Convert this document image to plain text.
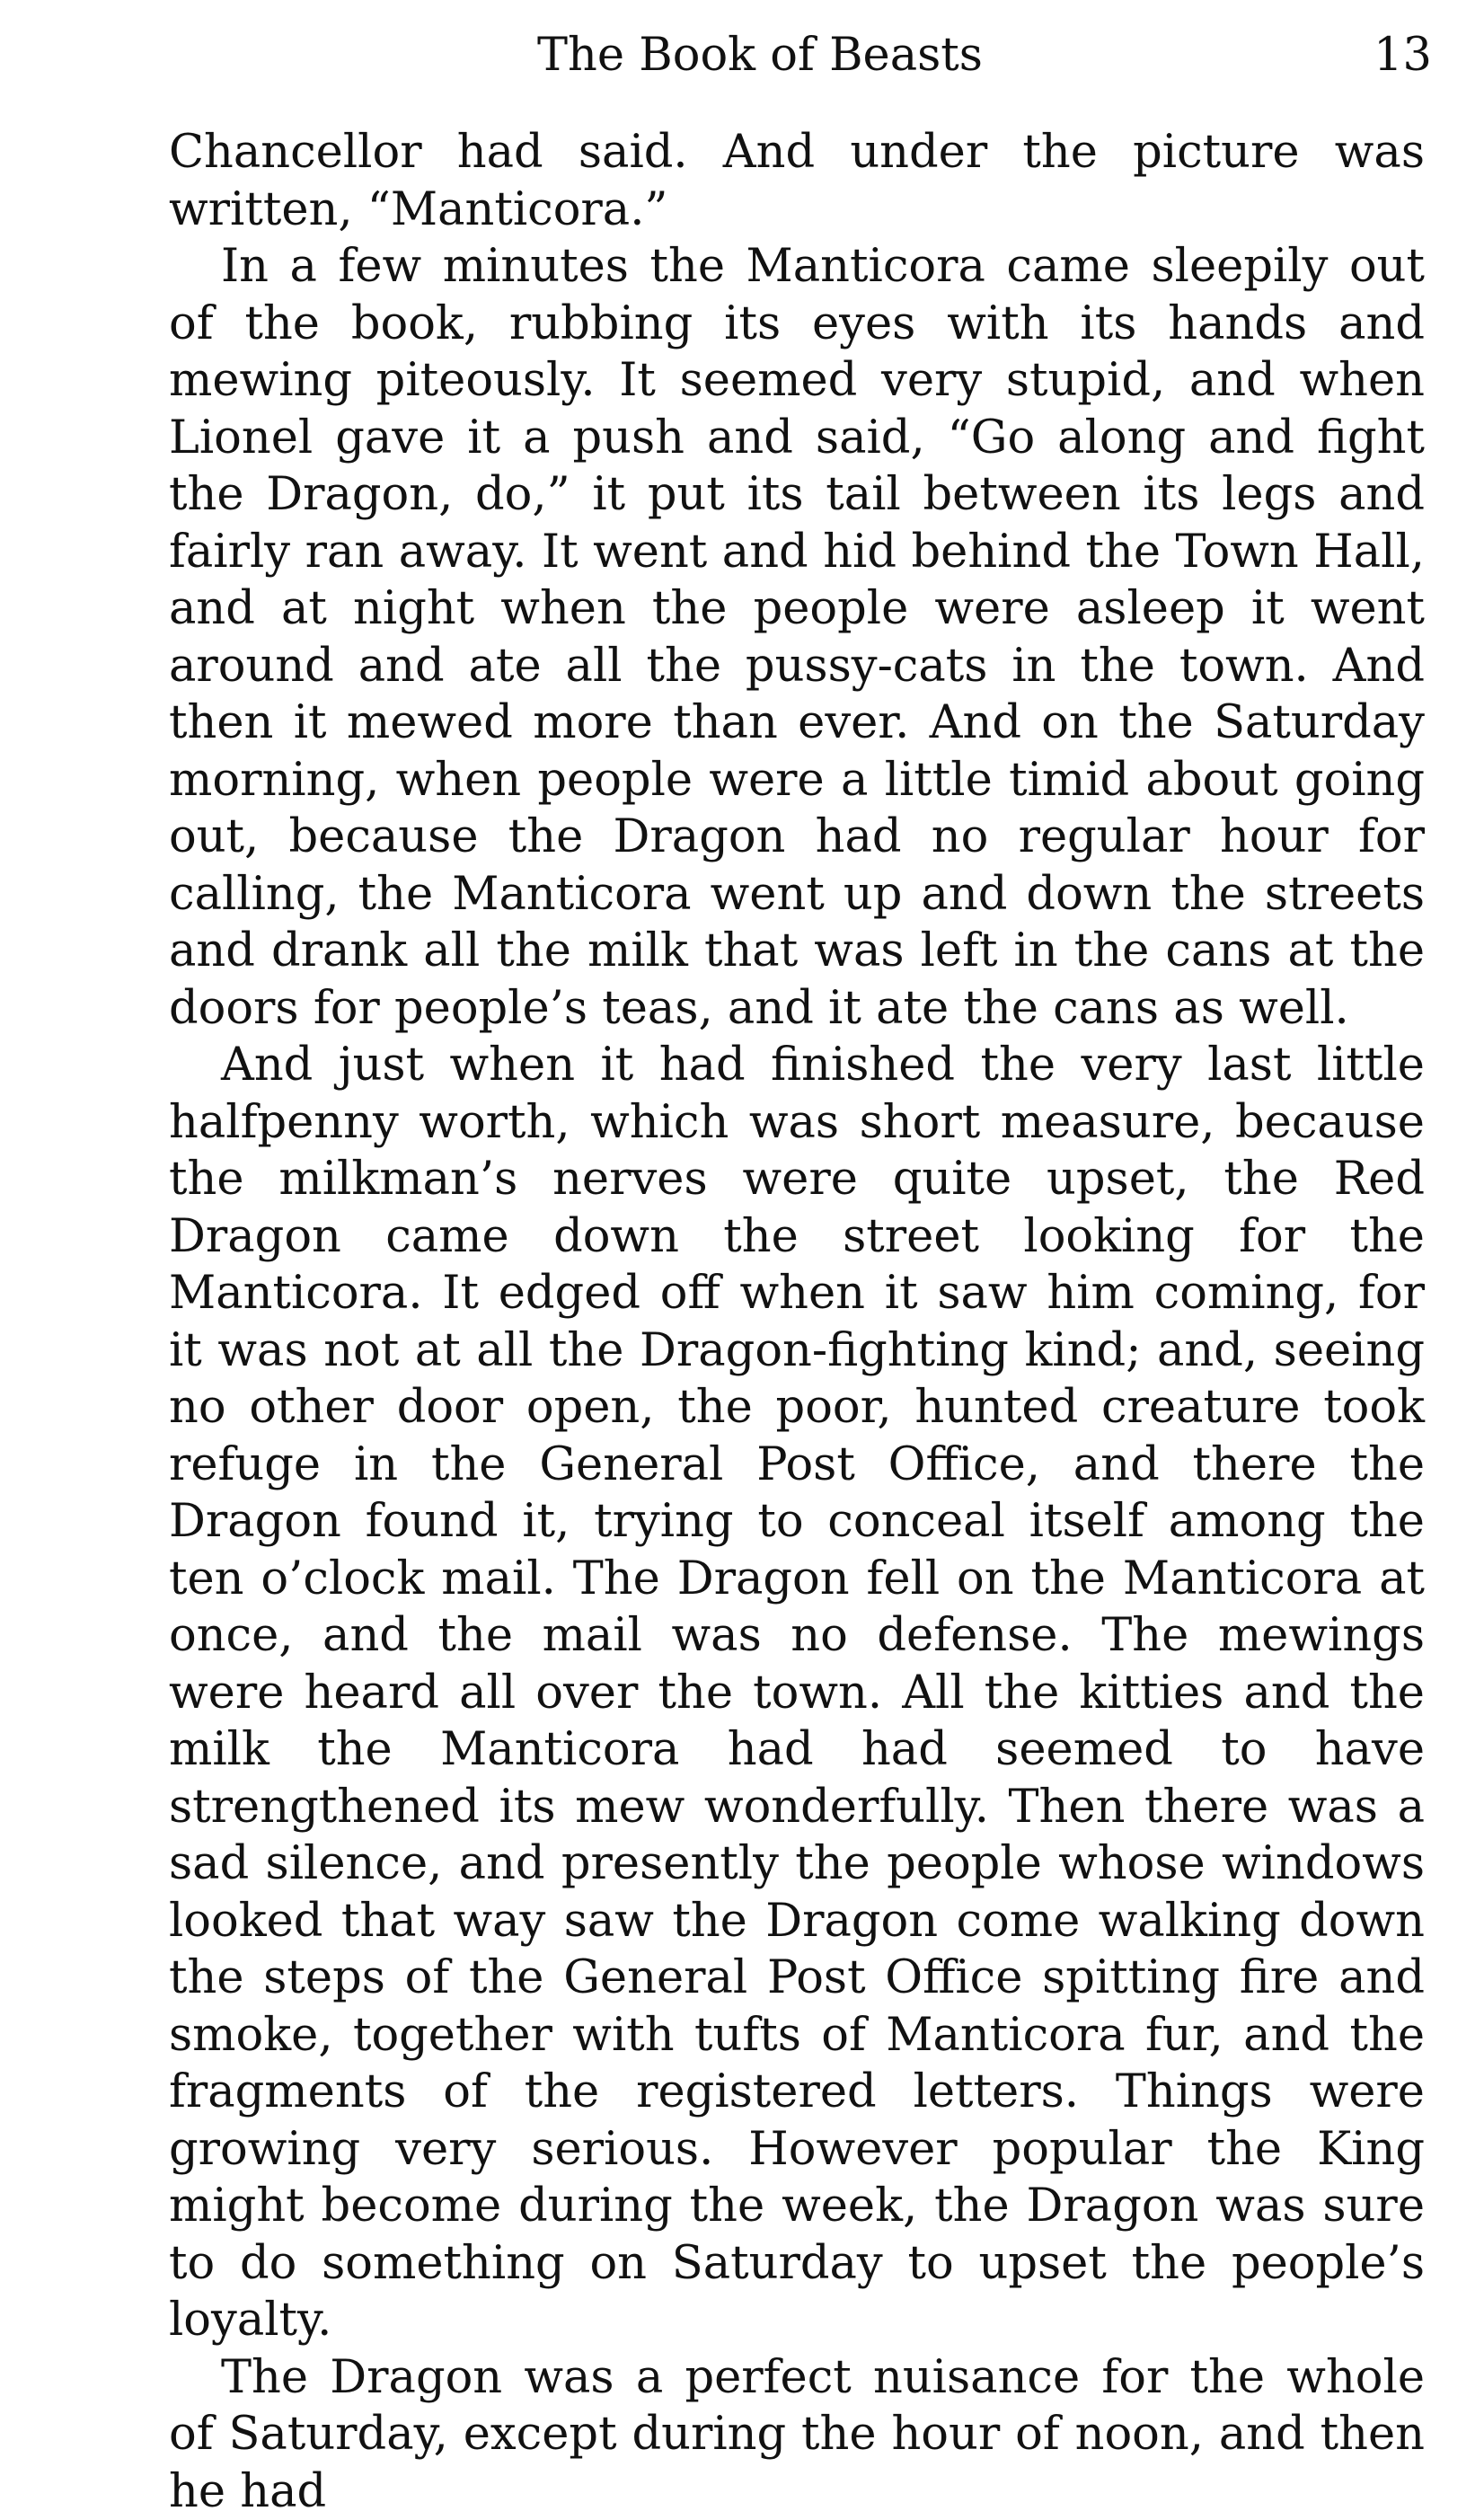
The Book of Beasts	13

Chancellor had said. And under the picture was written, “Manticora.”

In a few minutes the Manticora came sleepily out of the book, rubbing its eyes with its hands and mewing piteously. It seemed very stupid, and when Lionel gave it a push and said, “Go along and fight the Dragon, do,” it put its tail between its legs and fairly ran away. It went and hid behind the Town Hall, and at night when the people were asleep it went around and ate all the pussy-cats in the town. And then it mewed more than ever. And on the Saturday morning, when people were a little timid about going out, because the Dragon had no regular hour for calling, the Manticora went up and down the streets and drank all the milk that was left in the cans at the doors for people’s teas, and it ate the cans as well.

And just when it had finished the very last little halfpenny worth, which was short measure, because the milkman’s nerves were quite upset, the Red Dragon came down the street looking for the Manticora. It edged off when it saw him coming, for it was not at all the Dragon-fighting kind; and, seeing no other door open, the poor, hunted creature took refuge in the General Post Office, and there the Dragon found it, trying to conceal itself among the ten o’clock mail. The Dragon fell on the Manticora at once, and the mail was no defense. The mewings were heard all over the town. All the kitties and the milk the Manticora had had seemed to have strengthened its mew wonderfully. Then there was a sad silence, and presently the people whose windows looked that way saw the Dragon come walking down the steps of the General Post Office spitting fire and smoke, together with tufts of Manticora fur, and the fragments of the registered letters. Things were growing very serious. However popular the King might become during the week, the Dragon was sure to do something on Saturday to upset the people’s loyalty.

The Dragon was a perfect nuisance for the whole of Saturday, except during the hour of noon, and then he had
